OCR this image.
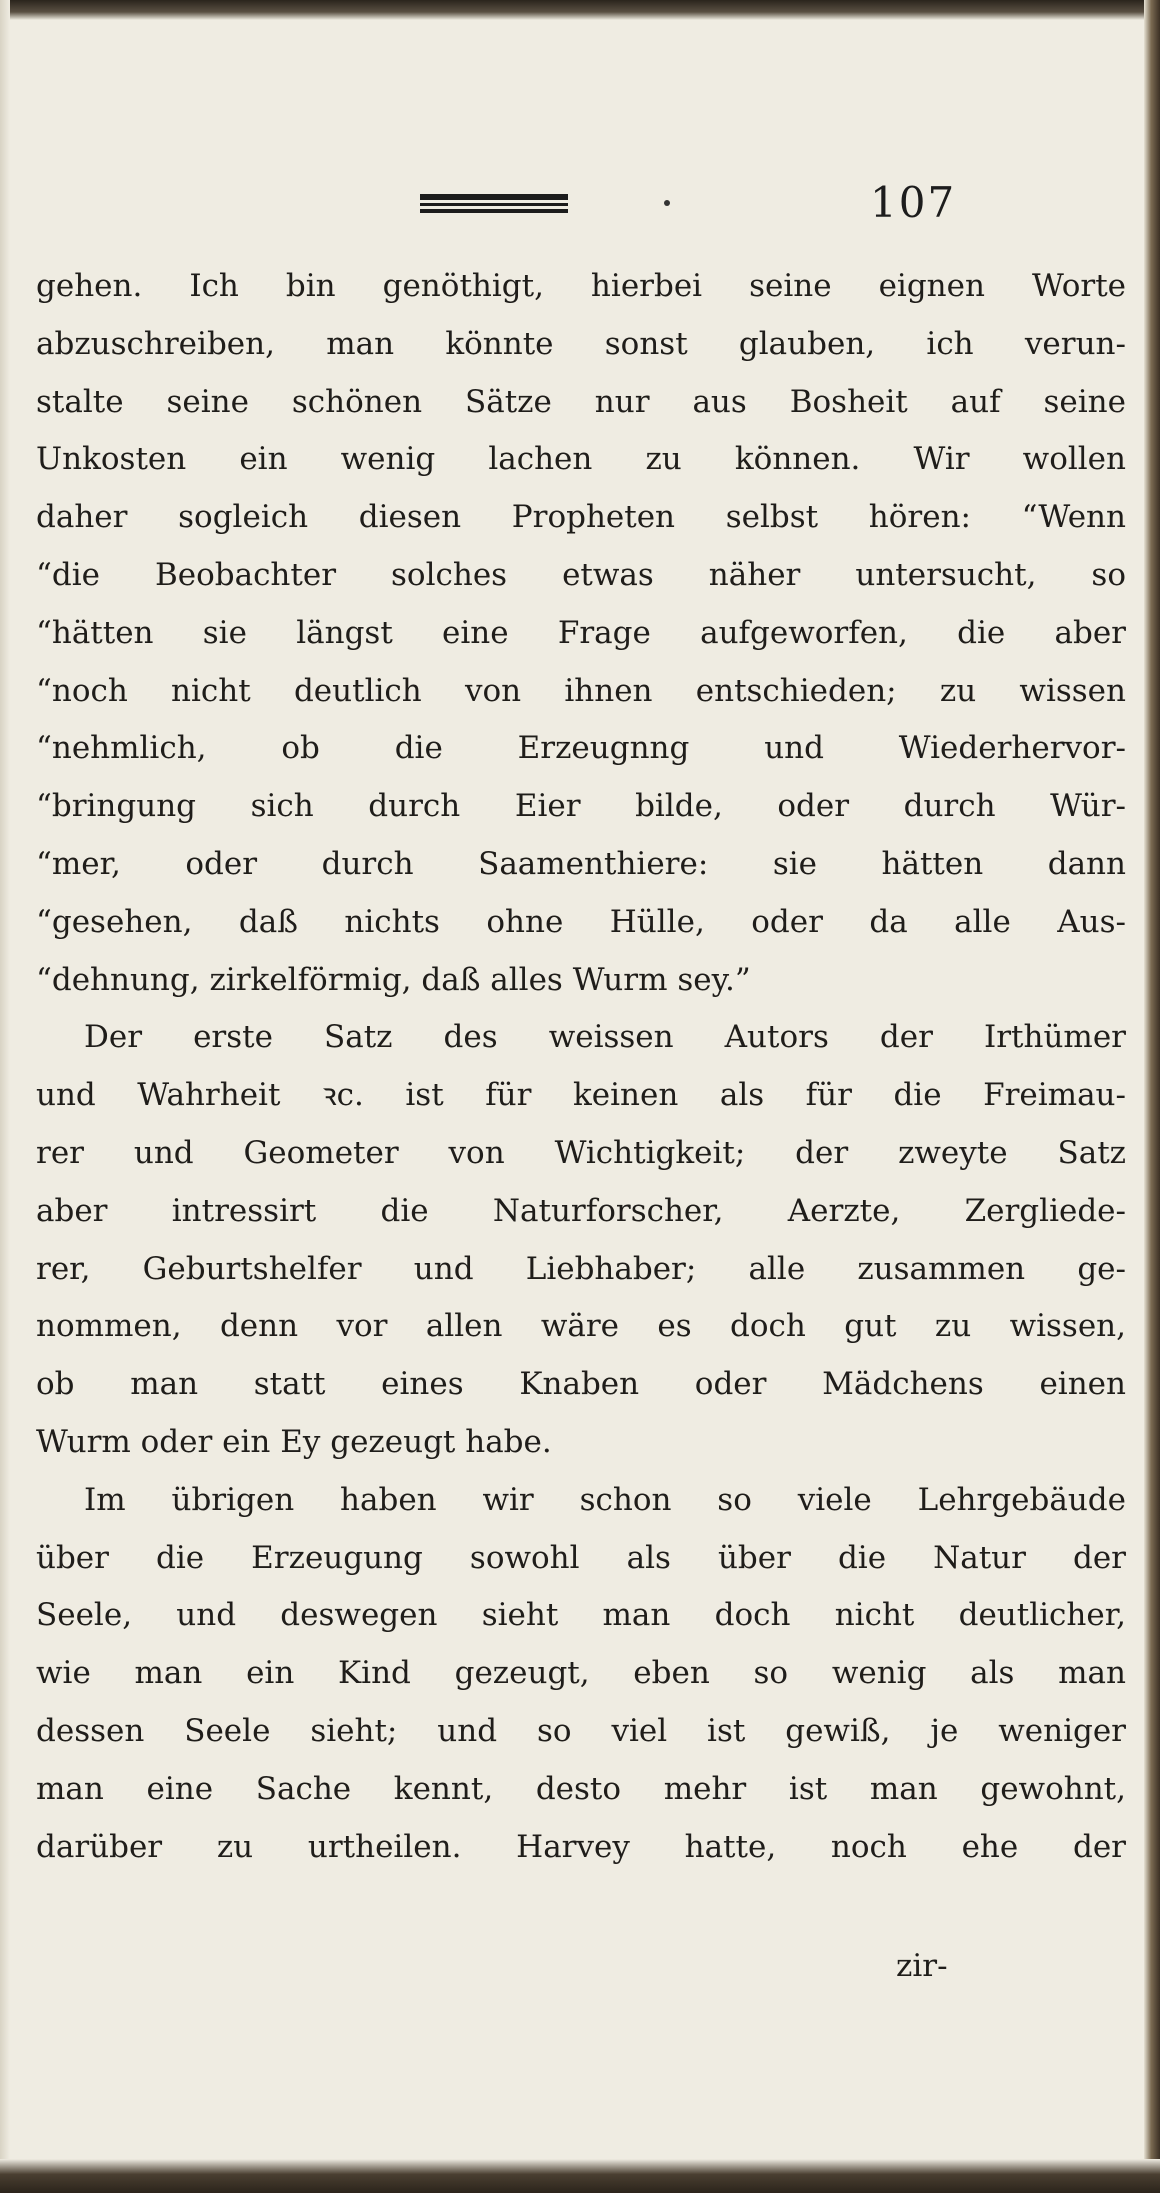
107
gehen. Ich bin genöthigt, hierbei seine eignen Worte
abzuschreiben, man könnte sonst glauben, ich verun-
stalte seine schönen Sätze nur aus Bosheit auf seine
Unkosten ein wenig lachen zu können. Wir wollen
daher sogleich diesen Propheten selbst hören: “Wenn
“die Beobachter solches etwas näher untersucht, so
“hätten sie längst eine Frage aufgeworfen, die aber
“noch nicht deutlich von ihnen entschieden; zu wissen
“nehmlich, ob die Erzeugnng und Wiederhervor-
“bringung sich durch Eier bilde, oder durch Wür-
“mer, oder durch Saamenthiere: sie hätten dann
“gesehen, daß nichts ohne Hülle, oder da alle Aus-
“dehnung, zirkelförmig, daß alles Wurm sey.”
Der erste Satz des weissen Autors der Irthümer
und Wahrheit ꝛc. ist für keinen als für die Freimau-
rer und Geometer von Wichtigkeit; der zweyte Satz
aber intressirt die Naturforscher, Aerzte, Zergliede-
rer, Geburtshelfer und Liebhaber; alle zusammen ge-
nommen, denn vor allen wäre es doch gut zu wissen,
ob man statt eines Knaben oder Mädchens einen
Wurm oder ein Ey gezeugt habe.
Im übrigen haben wir schon so viele Lehrgebäude
über die Erzeugung sowohl als über die Natur der
Seele, und deswegen sieht man doch nicht deutlicher,
wie man ein Kind gezeugt, eben so wenig als man
dessen Seele sieht; und so viel ist gewiß, je weniger
man eine Sache kennt, desto mehr ist man gewohnt,
darüber zu urtheilen. Harvey hatte, noch ehe der
zir-
